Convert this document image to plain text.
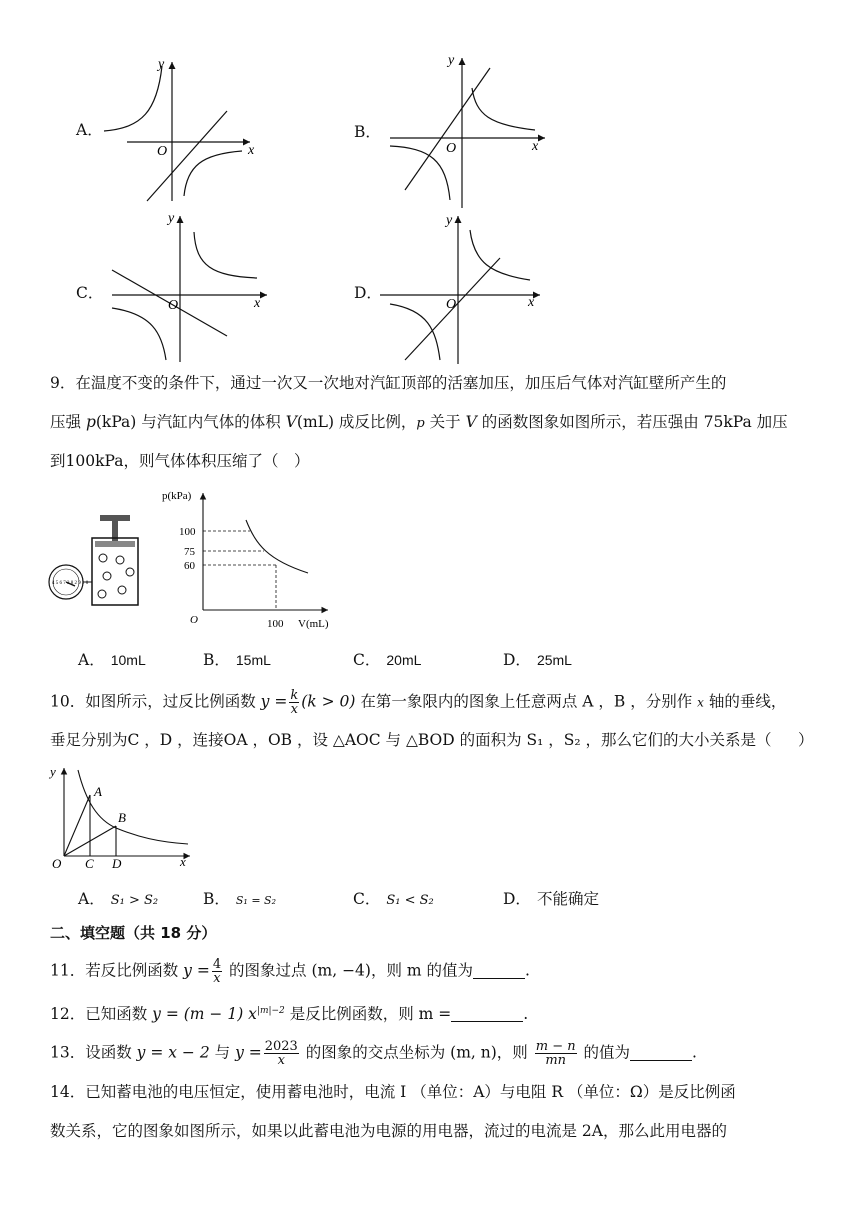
A．
y
x
O
B．
y
x
O
C．
y
x
O
D．
y
x
O
9．在温度不变的条件下，通过一次又一次地对汽缸顶部的活塞加压，加压后气体对汽缸壁所产生的
压强 p(kPa) 与汽缸内气体的体积 V(mL) 成反比例，p 关于 V 的函数图象如图所示，若压强由 75kPa 加压
到100kPa，则气体体积压缩了（　）
4 5 6 7 3 8 2 9 1 0
p(kPa)
V(mL)
O
100
75
60
100
A． 10mL	B． 15mL	C． 20mL	D． 25mL
10．如图所示，过反比例函数 $y = \frac{k}{x} (k > 0)$ 在第一象限内的图象上任意两点 A ，B ，分别作 x 轴的垂线，
垂足分别为C ，D ，连接OA ，OB ，设 △AOC 与 △BOD 的面积为 S₁ ，S₂ ，那么它们的大小关系是（ ）
y
x
O
A
B
C D
A． S₁ > S₂	B． S₁ = S₂	C． S₁ < S₂	D． 不能确定
二、填空题（共 18 分）
11．若反比例函数 $y = \frac{4}{x}$ 的图象过点 (m, −4)，则 m 的值为	.
12．已知函数 y = (m − 1) $x^{|m|-2}$ 是反比例函数，则 m =	.
13．设函数 y = x − 2 与 $y = \frac{2023}{x}$ 的图象的交点坐标为 (m, n)，则 $\frac{m - n}{mn}$ 的值为	.
14．已知蓄电池的电压恒定，使用蓄电池时，电流 I （单位：A）与电阻 R （单位：Ω）是反比例函
数关系，它的图象如图所示，如果以此蓄电池为电源的用电器，流过的电流是 2A，那么此用电器的
